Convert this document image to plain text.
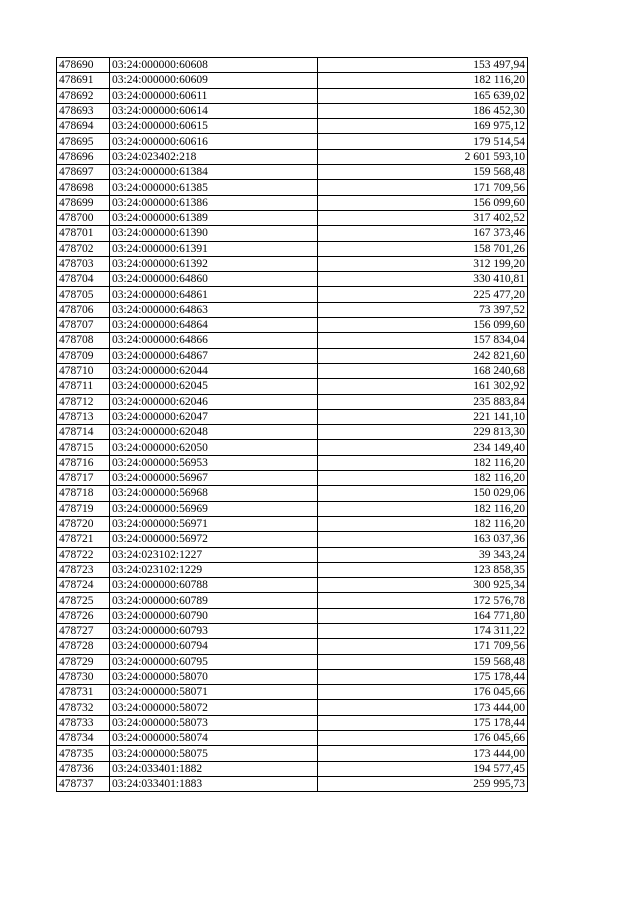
478690	03:24:000000:60608	153 497,94
478691	03:24:000000:60609	182 116,20
478692	03:24:000000:60611	165 639,02
478693	03:24:000000:60614	186 452,30
478694	03:24:000000:60615	169 975,12
478695	03:24:000000:60616	179 514,54
478696	03:24:023402:218	2 601 593,10
478697	03:24:000000:61384	159 568,48
478698	03:24:000000:61385	171 709,56
478699	03:24:000000:61386	156 099,60
478700	03:24:000000:61389	317 402,52
478701	03:24:000000:61390	167 373,46
478702	03:24:000000:61391	158 701,26
478703	03:24:000000:61392	312 199,20
478704	03:24:000000:64860	330 410,81
478705	03:24:000000:64861	225 477,20
478706	03:24:000000:64863	73 397,52
478707	03:24:000000:64864	156 099,60
478708	03:24:000000:64866	157 834,04
478709	03:24:000000:64867	242 821,60
478710	03:24:000000:62044	168 240,68
478711	03:24:000000:62045	161 302,92
478712	03:24:000000:62046	235 883,84
478713	03:24:000000:62047	221 141,10
478714	03:24:000000:62048	229 813,30
478715	03:24:000000:62050	234 149,40
478716	03:24:000000:56953	182 116,20
478717	03:24:000000:56967	182 116,20
478718	03:24:000000:56968	150 029,06
478719	03:24:000000:56969	182 116,20
478720	03:24:000000:56971	182 116,20
478721	03:24:000000:56972	163 037,36
478722	03:24:023102:1227	39 343,24
478723	03:24:023102:1229	123 858,35
478724	03:24:000000:60788	300 925,34
478725	03:24:000000:60789	172 576,78
478726	03:24:000000:60790	164 771,80
478727	03:24:000000:60793	174 311,22
478728	03:24:000000:60794	171 709,56
478729	03:24:000000:60795	159 568,48
478730	03:24:000000:58070	175 178,44
478731	03:24:000000:58071	176 045,66
478732	03:24:000000:58072	173 444,00
478733	03:24:000000:58073	175 178,44
478734	03:24:000000:58074	176 045,66
478735	03:24:000000:58075	173 444,00
478736	03:24:033401:1882	194 577,45
478737	03:24:033401:1883	259 995,73
